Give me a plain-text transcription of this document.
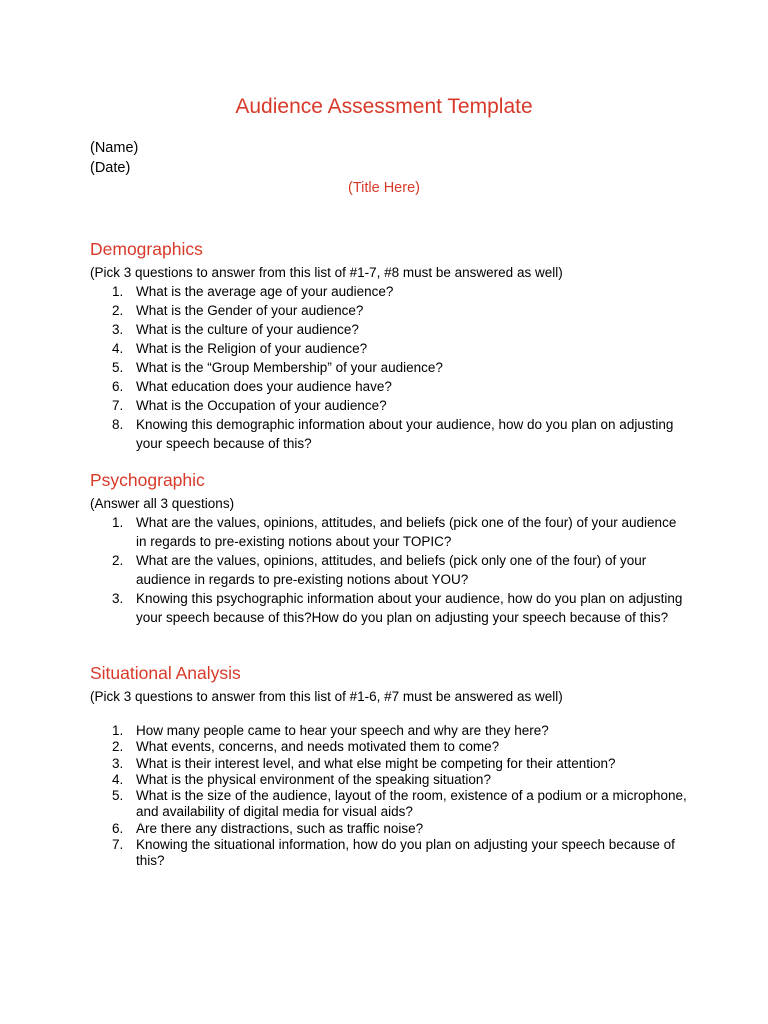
Audience Assessment Template
(Name)
(Date)
(Title Here)
Demographics
(Pick 3 questions to answer from this list of #1-7, #8 must be answered as well)
1. What is the average age of your audience?
2. What is the Gender of your audience?
3. What is the culture of your audience?
4. What is the Religion of your audience?
5. What is the “Group Membership” of your audience?
6. What education does your audience have?
7. What is the Occupation of your audience?
8. Knowing this demographic information about your audience, how do you plan on adjusting your speech because of this?
Psychographic
(Answer all 3 questions)
1. What are the values, opinions, attitudes, and beliefs (pick one of the four) of your audience in regards to pre-existing notions about your TOPIC?
2. What are the values, opinions, attitudes, and beliefs (pick only one of the four) of your audience in regards to pre-existing notions about YOU?
3. Knowing this psychographic information about your audience, how do you plan on adjusting your speech because of this?How do you plan on adjusting your speech because of this?
Situational Analysis
(Pick 3 questions to answer from this list of #1-6, #7 must be answered as well)
1. How many people came to hear your speech and why are they here?
2. What events, concerns, and needs motivated them to come?
3. What is their interest level, and what else might be competing for their attention?
4. What is the physical environment of the speaking situation?
5. What is the size of the audience, layout of the room, existence of a podium or a microphone, and availability of digital media for visual aids?
6. Are there any distractions, such as traffic noise?
7. Knowing the situational information, how do you plan on adjusting your speech because of this?
